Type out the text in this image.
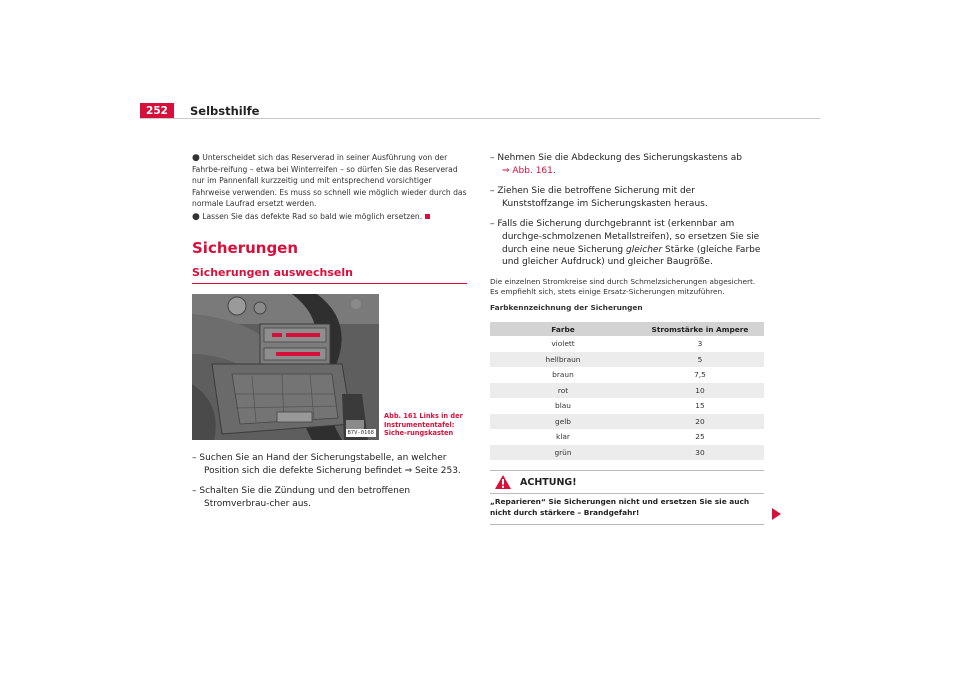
252	Selbsthilfe

● Unterscheidet sich das Reserverad in seiner Ausführung von der Fahrbe-reifung – etwa bei Winterreifen – so dürfen Sie das Reserverad nur im Pannenfall kurzzeitig und mit entsprechend vorsichtiger Fahrweise verwenden. Es muss so schnell wie möglich wieder durch das normale Laufrad ersetzt werden.

● Lassen Sie das defekte Rad so bald wie möglich ersetzen.

Sicherungen
Sicherungen auswechseln
B7V-0168
Abb. 161 Links in der Instrumententafel: Siche-rungskasten

– Suchen Sie an Hand der Sicherungstabelle, an welcher Position sich die defekte Sicherung befindet ⇒ Seite 253.

– Schalten Sie die Zündung und den betroffenen Stromverbrau-cher aus.

– Nehmen Sie die Abdeckung des Sicherungskastens ab
⇒ Abb. 161.

– Ziehen Sie die betroffene Sicherung mit der Kunststoffzange im Sicherungskasten heraus.

– Falls die Sicherung durchgebrannt ist (erkennbar am durchge-schmolzenen Metallstreifen), so ersetzen Sie sie durch eine neue Sicherung gleicher Stärke (gleiche Farbe und gleicher Aufdruck) und gleicher Baugröße.

Die einzelnen Stromkreise sind durch Schmelzsicherungen abgesichert. Es empfiehlt sich, stets einige Ersatz-Sicherungen mitzuführen.

Farbkennzeichnung der Sicherungen

Farbe	Stromstärke in Ampere
violett	3
hellbraun	5
braun	7,5
rot	10
blau	15
gelb	20
klar	25
grün	30
ACHTUNG!

„Reparieren“ Sie Sicherungen nicht und ersetzen Sie sie auch nicht durch stärkere – Brandgefahr!
